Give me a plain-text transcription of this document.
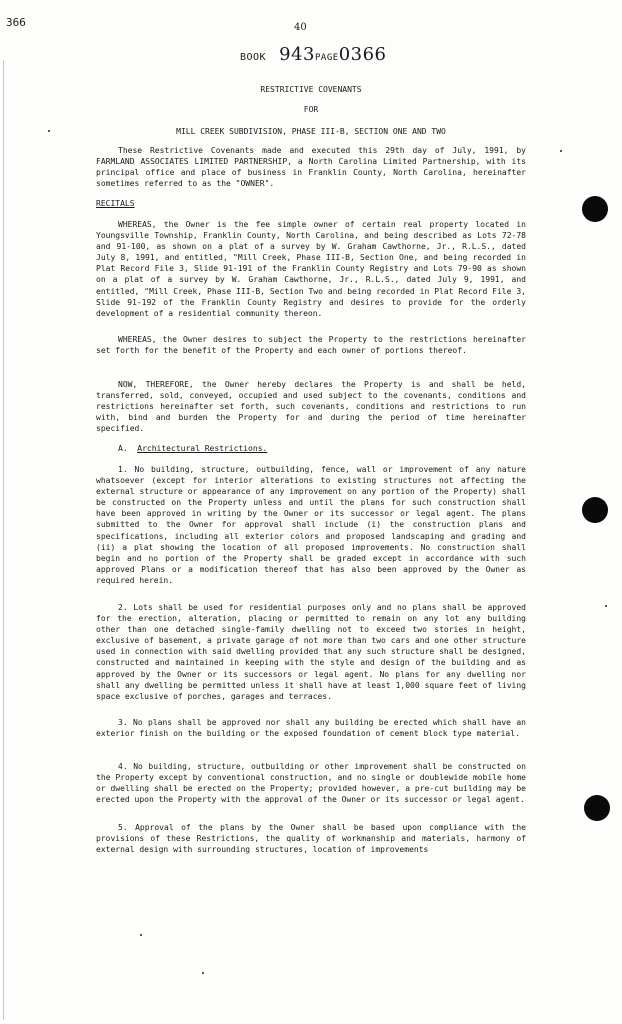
366	40
BOOK 943PAGE0366
RESTRICTIVE COVENANTS
FOR
MILL CREEK SUBDIVISION, PHASE III-B, SECTION ONE AND TWO

These Restrictive Covenants made and executed this 29th day of July, 1991, by FARMLAND ASSOCIATES LIMITED PARTNERSHIP, a North Carolina Limited Partnership, with its principal office and place of business in Franklin County, North Carolina, hereinafter sometimes referred to as the "OWNER".

RECITALS

WHEREAS, the Owner is the fee simple owner of certain real property located in Youngsville Township, Franklin County, North Carolina, and being described as Lots 72-78 and 91-100, as shown on a plat of a survey by W. Graham Cawthorne, Jr., R.L.S., dated July 8, 1991, and entitled, "Mill Creek, Phase III-B, Section One, and being recorded in Plat Record File 3, Slide 91-191 of the Franklin County Registry and Lots 79-90 as shown on a plat of a survey by W. Graham Cawthorne, Jr., R.L.S., dated July 9, 1991, and entitled, "Mill Creek, Phase III-B, Section Two and being recorded in Plat Record File 3, Slide 91-192 of the Franklin County Registry and desires to provide for the orderly development of a residential community thereon.

WHEREAS, the Owner desires to subject the Property to the restrictions hereinafter set forth for the benefit of the Property and each owner of portions thereof.

NOW, THEREFORE, the Owner hereby declares the Property is and shall be held, transferred, sold, conveyed, occupied and used subject to the covenants, conditions and restrictions hereinafter set forth, such covenants, conditions and restrictions to run with, bind and burden the Property for and during the period of time hereinafter specified.

A. Architectural Restrictions.

1. No building, structure, outbuilding, fence, wall or improvement of any nature whatsoever (except for interior alterations to existing structures not affecting the external structure or appearance of any improvement on any portion of the Property) shall be constructed on the Property unless and until the plans for such construction shall have been approved in writing by the Owner or its successor or legal agent. The plans submitted to the Owner for approval shall include (i) the construction plans and specifications, including all exterior colors and proposed landscaping and grading and (ii) a plat showing the location of all proposed improvements. No construction shall begin and no portion of the Property shall be graded except in accordance with such approved Plans or a modification thereof that has also been approved by the Owner as required herein.

2. Lots shall be used for residential purposes only and no plans shall be approved for the erection, alteration, placing or permitted to remain on any lot any building other than one detached single-family dwelling not to exceed two stories in height, exclusive of basement, a private garage of not more than two cars and one other structure used in connection with said dwelling provided that any such structure shall be designed, constructed and maintained in keeping with the style and design of the building and as approved by the Owner or its successors or legal agent. No plans for any dwelling nor shall any dwelling be permitted unless it shall have at least 1,000 square feet of living space exclusive of porches, garages and terraces.

3. No plans shall be approved nor shall any building be erected which shall have an exterior finish on the building or the exposed foundation of cement block type material.

4. No building, structure, outbuilding or other improvement shall be constructed on the Property except by conventional construction, and no single or doublewide mobile home or dwelling shall be erected on the Property; provided however, a pre-cut building may be erected upon the Property with the approval of the Owner or its successor or legal agent.

5. Approval of the plans by the Owner shall be based upon compliance with the provisions of these Restrictions, the quality of workmanship and materials, harmony of external design with surrounding structures, location of improvements
